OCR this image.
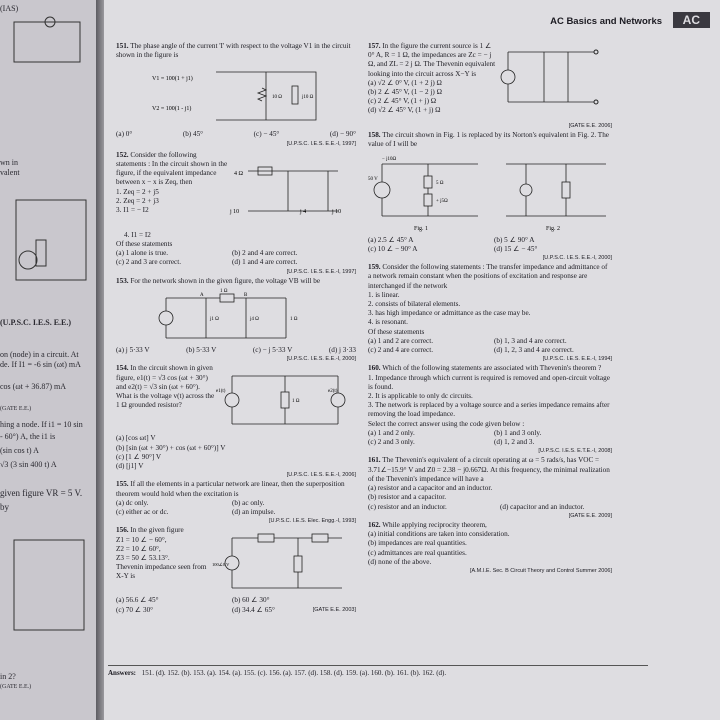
(IAS)
wn in
valent
(U.P.S.C. I.E.S. E.E.)
on (node) in a circuit. At
de. If I1 = -6 sin (ωt) mA
cos (ωt + 36.87) mA
(GATE E.E.)
hing a node. If i1 = 10 sin
- 60°) A, the i1 is
(sin cos t) A
√3 (3 sin 400 t) A
given figure VR = 5 V.
by
in 2?
(GATE E.E.)
AC Basics and Networks AC

151. The phase angle of the current 'I' with respect to the voltage V1 in the circuit shown in the figure is

V1 = 100(1 + j1)
V2 = 100(1 - j1)
10 Ω	j10 Ω
(a) 0°	(b) 45°	(c) − 45°	(d) − 90°

[U.P.S.C. I.E.S. E.E.-I, 1997]

152. Consider the following statements : In the circuit shown in the figure, if the equivalent impedance between x − x is Zeq, then

1. Zeq = 2 + j5

2. Zeq = 2 + j3

3. I1 = − I2

4 Ω
j 10	j 4	j 10
4. I1 = I2

Of these statements

(a) 1 alone is true.	(b) 2 and 4 are correct.
(c) 2 and 3 are correct.	(d) 1 and 4 are correct.

[U.P.S.C. I.E.S. E.E.-I, 1997]

153. For the network shown in the given figure, the voltage VB will be

A	B
1 Ω
j1 Ω	j4 Ω	1 Ω
(a) j 5·33 V	(b) 5·33 V	(c) − j 5·33 V	(d) j 3·33

[U.P.S.C. I.E.S. E.E.-I, 2000]

154. In the circuit shown in given figure, e1(t) = √3 cos (ωt + 30°) and e2(t) = √3 sin (ωt + 60°). What is the voltage v(t) across the 1 Ω grounded resistor?

e1(t)	e2(t)
1 Ω

(a) [cos ωt] V

(b) [sin (ωt + 30°) + cos (ωt + 60°)] V

(c) [1 ∠ 90°] V

(d) [j1] V

[U.P.S.C. I.E.S. E.E.-I, 2006]

155. If all the elements in a particular network are linear, then the superposition theorem would hold when the excitation is

(a) dc only.	(b) ac only.
(c) either ac or dc.	(d) an impulse.

[U.P.S.C. I.E.S. Elec. Engg.-I, 1993]

156. In the given figure

Z1 = 10 ∠ − 60°,

Z2 = 10 ∠ 60°,

Z3 = 50 ∠ 53.13°.

Thevenin impedance seen from X-Y is

100∠0 V
(a) 56.6 ∠ 45°	(b) 60 ∠ 30°
(c) 70 ∠ 30°	(d) 34.4 ∠ 65°	[GATE E.E. 2003]

157. In the figure the current source is 1 ∠ 0° A, R = 1 Ω, the impedances are Zc = − j Ω, and ZL = 2 j Ω. The Thevenin equivalent looking into the circuit across X−Y is

(a) √2 ∠ 0° V, (1 + 2 j) Ω

(b) 2 ∠ 45° V, (1 − 2 j) Ω

(c) 2 ∠ 45° V, (1 + j) Ω

(d) √2 ∠ 45° V, (1 + j) Ω

[GATE E.E. 2006]

158. The circuit shown in Fig. 1 is replaced by its Norton's equivalent in Fig. 2. The value of I will be

50 V
5 Ω
+ j5Ω
− j10Ω
Fig. 1	Fig. 2
(a) 2.5 ∠ 45° A	(b) 5 ∠ 90° A
(c) 10 ∠ − 90° A	(d) 15 ∠ − 45°

[U.P.S.C. I.E.S. E.E.-I, 2000]

159. Consider the following statements : The transfer impedance and admittance of a network remain constant when the positions of excitation and response are interchanged if the network

1. is linear.

2. consists of bilateral elements.

3. has high impedance or admittance as the case may be.

4. is resonant.

Of these statements

(a) 1 and 2 are correct.	(b) 1, 3 and 4 are correct.
(c) 2 and 4 are correct.	(d) 1, 2, 3 and 4 are correct.

[U.P.S.C. I.E.S. E.E.-I, 1994]

160. Which of the following statements are associated with Thevenin's theorem ?

1. Impedance through which current is required is removed and open-circuit voltage is found.

2. It is applicable to only dc circuits.

3. The network is replaced by a voltage source and a series impedance remains after removing the load impedance.

Select the correct answer using the code given below :

(a) 1 and 2 only.	(b) 1 and 3 only.
(c) 2 and 3 only.	(d) 1, 2 and 3.

[U.P.S.C. I.E.S. E.T.E.-I, 2008]

161. The Thevenin's equivalent of a circuit operating at ω = 5 rads/s, has VOC = 3.71∠−15.9° V and Z0 = 2.38 − j0.667Ω. At this frequency, the minimal realization of the Thevenin's impedance will have a

(a) resistor and a capacitor and an inductor.

(b) resistor and a capacitor.

(c) resistor and an inductor.	(d) capacitor and an inductor.

[GATE E.E. 2009]

162. While applying reciprocity theorem,

(a) initial conditions are taken into consideration.

(b) impedances are real quantities.

(c) admittances are real quantities.

(d) none of the above.

[A.M.I.E. Sec. B Circuit Theory and Control Summer 2006]

Answers: 151. (d). 152. (b). 153. (a). 154. (a). 155. (c). 156. (a). 157. (d). 158. (d). 159. (a). 160. (b). 161. (b). 162. (d).
